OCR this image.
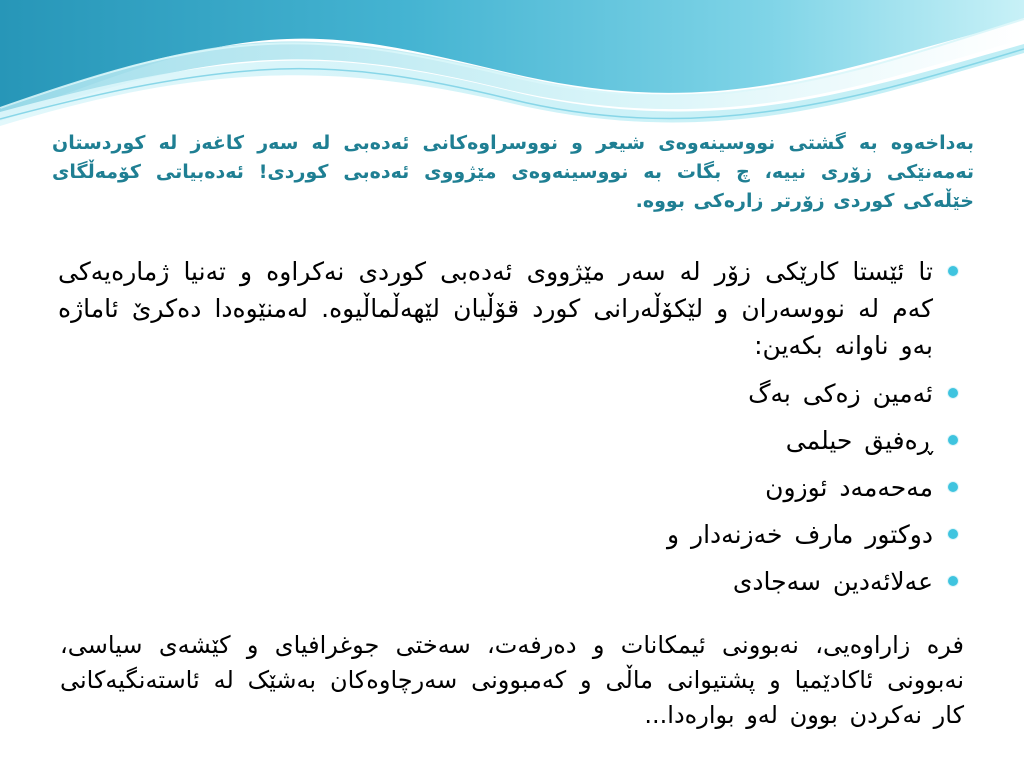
بەداخەوە بە گشتی نووسینەوەی شیعر و نووسراوەکانی ئەدەبی لە سەر کاغەز لە کوردستان تەمەنێکی زۆری نییە، چ بگات بە نووسینەوەی مێژووی ئەدەبی کوردی! ئەدەبیاتی کۆمەڵگای خێڵەکی کوردی زۆرتر زارەکی بووە.
تا ئێستا کارێکی زۆر لە سەر مێژووی ئەدەبی کوردی نەکراوە و تەنیا ژمارەیەکی کەم لە نووسەران و لێکۆڵەرانی کورد قۆڵیان لێهەڵماڵیوە. لەمنێوەدا دەکرێ ئاماژە بەو ناوانە بکەین:
ئەمین زەکی بەگ
ڕەفیق حیلمی
مەحەمەد ئوزون
دوکتور مارف خەزنەدار و
عەلائەدین سەجادی

فرە زاراوەیی، نەبوونی ئیمکانات و دەرفەت، سەختی جوغرافیای و کێشەی سیاسی، نەبوونی ئاکادێمیا و پشتیوانی ماڵی و کەمبوونی سەرچاوەکان بەشێک لە ئاستەنگیەکانی کار نەکردن بوون لەو بوارەدا...
